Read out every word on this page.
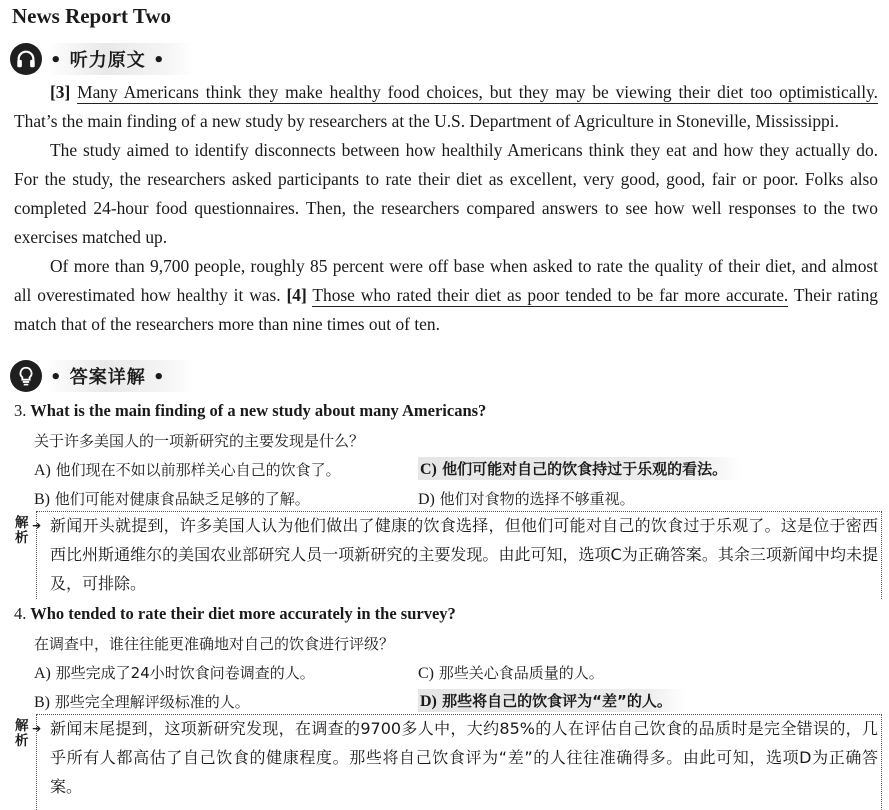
News Report Two
• 听力原文 •

[3] Many Americans think they make healthy food choices, but they may be viewing their diet too optimistically. That’s the main finding of a new study by researchers at the U.S. Department of Agriculture in Stoneville, Mississippi.

The study aimed to identify disconnects between how healthily Americans think they eat and how they actually do. For the study, the researchers asked participants to rate their diet as excellent, very good, good, fair or poor. Folks also completed 24-hour food questionnaires. Then, the researchers compared answers to see how well responses to the two exercises matched up.

Of more than 9,700 people, roughly 85 percent were off base when asked to rate the quality of their diet, and almost all overestimated how healthy it was. [4] Those who rated their diet as poor tended to be far more accurate. Their rating match that of the researchers more than nine times out of ten.

• 答案详解 •
3. What is the main finding of a new study about many Americans?
关于许多美国人的一项新研究的主要发现是什么？
A) 他们现在不如以前那样关心自己的饮食了。	C) 他们可能对自己的饮食持过于乐观的看法。
B) 他们可能对健康食品缺乏足够的了解。	D) 他们对食物的选择不够重视。
解析
➜ 新闻开头就提到，许多美国人认为他们做出了健康的饮食选择，但他们可能对自己的饮食过于乐观了。这是位于密西西比州斯通维尔的美国农业部研究人员一项新研究的主要发现。由此可知，选项C为正确答案。其余三项新闻中均未提及，可排除。

4. Who tended to rate their diet more accurately in the survey?
在调查中，谁往往能更准确地对自己的饮食进行评级？
A) 那些完成了24小时饮食问卷调查的人。	C) 那些关心食品质量的人。
B) 那些完全理解评级标准的人。	D) 那些将自己的饮食评为“差”的人。
解析
➜ 新闻末尾提到，这项新研究发现，在调查的9700多人中，大约85%的人在评估自己饮食的品质时是完全错误的，几乎所有人都高估了自己饮食的健康程度。那些将自己饮食评为“差”的人往往准确得多。由此可知，选项D为正确答案。
